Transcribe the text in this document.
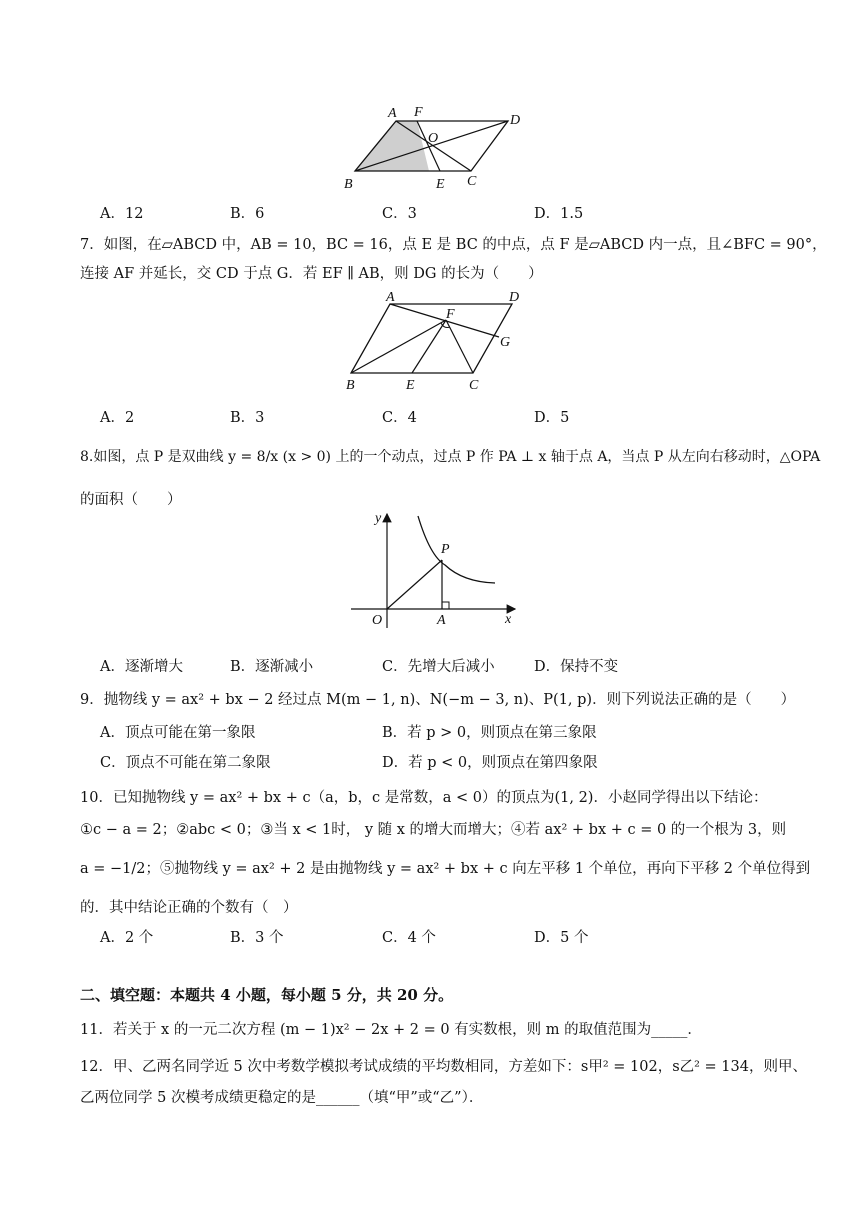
A F
D
O
B	E C
A．12	B．6	C．3	D．1.5
7．如图，在▱ABCD 中，AB = 10，BC = 16，点 E 是 BC 的中点，点 F 是▱ABCD 内一点，且∠BFC = 90°，
连接 AF 并延长，交 CD 于点 G．若 EF ∥ AB，则 DG 的长为（　　）
A	D
F
G
B	E	C
A．2	B．3	C．4	D．5
8.如图，点 P 是双曲线 y = 8/x (x > 0) 上的一个动点，过点 P 作 PA ⊥ x 轴于点 A，当点 P 从左向右移动时，△OPA
的面积（　　）
y
x
O	A
P
A．逐渐增大	B．逐渐减小	C．先增大后减小	D．保持不变
9．抛物线 y = ax² + bx − 2 经过点 M(m − 1, n)、N(−m − 3, n)、P(1, p)．则下列说法正确的是（　　）
A．顶点可能在第一象限	B．若 p > 0，则顶点在第三象限
C．顶点不可能在第二象限	D．若 p < 0，则顶点在第四象限
10．已知抛物线 y = ax² + bx + c（a，b，c 是常数，a < 0）的顶点为(1, 2)．小赵同学得出以下结论：
①c − a = 2；②abc < 0；③当 x < 1时， y 随 x 的增大而增大；④若 ax² + bx + c = 0 的一个根为 3，则
a = −1/2；⑤抛物线 y = ax² + 2 是由抛物线 y = ax² + bx + c 向左平移 1 个单位，再向下平移 2 个单位得到
的．其中结论正确的个数有（　）
A．2 个	B．3 个	C．4 个	D．5 个
二、填空题：本题共 4 小题，每小题 5 分，共 20 分。
11．若关于 x 的一元二次方程 (m − 1)x² − 2x + 2 = 0 有实数根，则 m 的取值范围为_____．
12．甲、乙两名同学近 5 次中考数学模拟考试成绩的平均数相同，方差如下：s甲² = 102，s乙² = 134，则甲、
乙两位同学 5 次模考成绩更稳定的是______（填“甲”或“乙”）．
